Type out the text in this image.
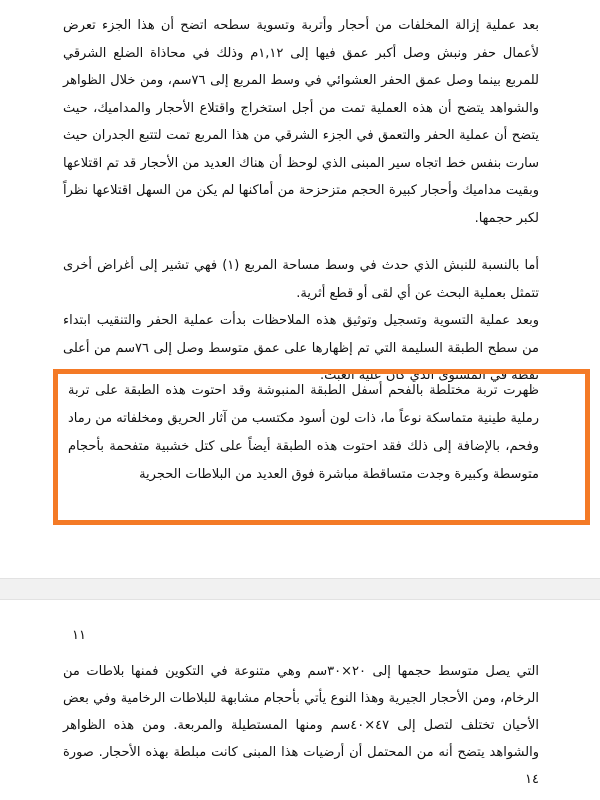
بعد عملية إزالة المخلفات من أحجار وأتربة وتسوية سطحه اتضح أن هذا الجزء تعرض لأعمال حفر ونبش وصل أكبر عمق فيها إلى ١,١٢م وذلك في محاذاة الضلع الشرقي للمربع بينما وصل عمق الحفر العشوائي في وسط المربع إلى ٧٦سم، ومن خلال الظواهر والشواهد يتضح أن هذه العملية تمت من أجل استخراج واقتلاع الأحجار والمداميك، حيث يتضح أن عملية الحفر والتعمق في الجزء الشرقي من هذا المربع تمت لتتبع الجدران حيث سارت بنفس خط اتجاه سير المبنى الذي لوحظ أن هناك العديد من الأحجار قد تم اقتلاعها وبقيت مداميك وأحجار كبيرة الحجم متزحزحة من أماكنها لم يكن من السهل اقتلاعها نظراً لكبر حجمها.

أما بالنسبة للنبش الذي حدث في وسط مساحة المربع (١) فهي تشير إلى أغراض أخرى تتمثل بعملية البحث عن أي لقى أو قطع أثرية.

وبعد عملية التسوية وتسجيل وتوثيق هذه الملاحظات بدأت عملية الحفر والتنقيب ابتداء من سطح الطبقة السليمة التي تم إظهارها على عمق متوسط وصل إلى ٧٦سم من أعلى نقطة في المستوى الذي كان عليه العبث.

ظهرت تربة مختلطة بالفحم أسفل الطبقة المنبوشة وقد احتوت هذه الطبقة على تربة رملية طينية متماسكة نوعاً ما، ذات لون أسود مكتسب من آثار الحريق ومخلفاته من رماد وفحم، بالإضافة إلى ذلك فقد احتوت هذه الطبقة أيضاً على كتل خشبية متفحمة بأحجام متوسطة وكبيرة وجدت متساقطة مباشرة فوق العديد من البلاطات الحجرية

١١

التي يصل متوسط حجمها إلى ٢٠×٣٠سم وهي متنوعة في التكوين فمنها بلاطات من الرخام، ومن الأحجار الجيرية وهذا النوع يأتي بأحجام مشابهة للبلاطات الرخامية وفي بعض الأحيان تختلف لتصل إلى ٤٧×٤٠سم ومنها المستطيلة والمربعة. ومن هذه الظواهر والشواهد يتضح أنه من المحتمل أن أرضيات هذا المبنى كانت مبلطة بهذه الأحجار. صورة ١٤
